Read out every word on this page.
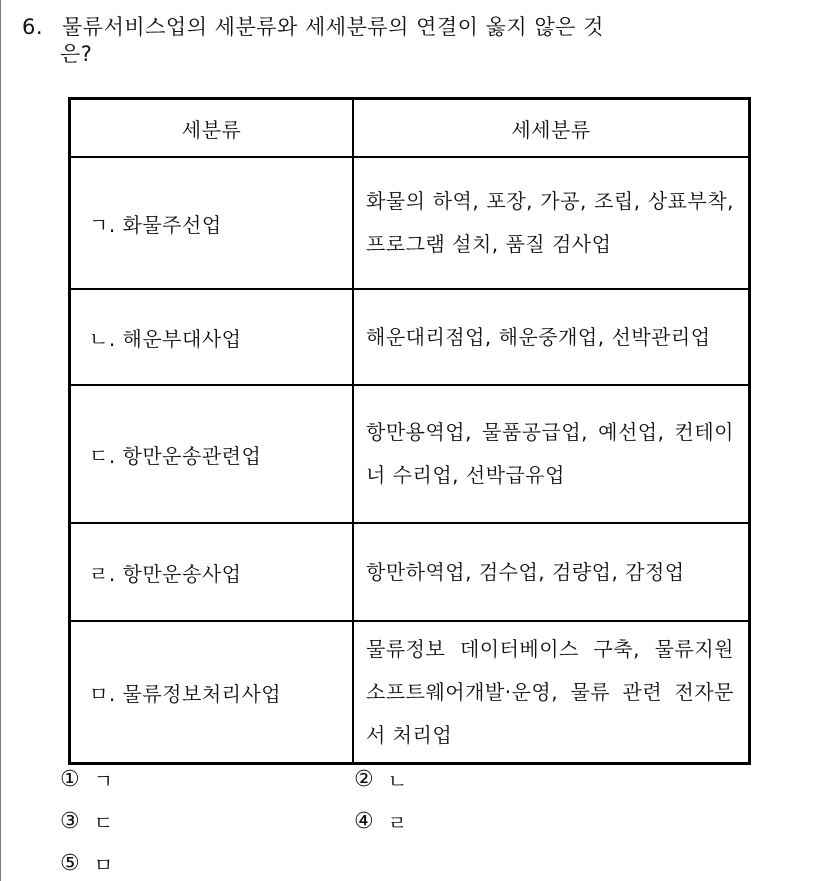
6. 물류서비스업의 세분류와 세세분류의 연결이 옳지 않은 것
은?
세분류	세세분류
ㄱ. 화물주선업	화물의 하역, 포장, 가공, 조립, 상표부착, 프로그램 설치, 품질 검사업
ㄴ. 해운부대사업	해운대리점업, 해운중개업, 선박관리업
ㄷ. 항만운송관련업	항만용역업, 물품공급업, 예선업, 컨테이너 수리업, 선박급유업
ㄹ. 항만운송사업	항만하역업, 검수업, 검량업, 감정업
ㅁ. 물류정보처리사업	물류정보 데이터베이스 구축, 물류지원 소프트웨어개발·운영, 물류 관련 전자문서 처리업
① ㄱ	② ㄴ
③ ㄷ	④ ㄹ
⑤ ㅁ
